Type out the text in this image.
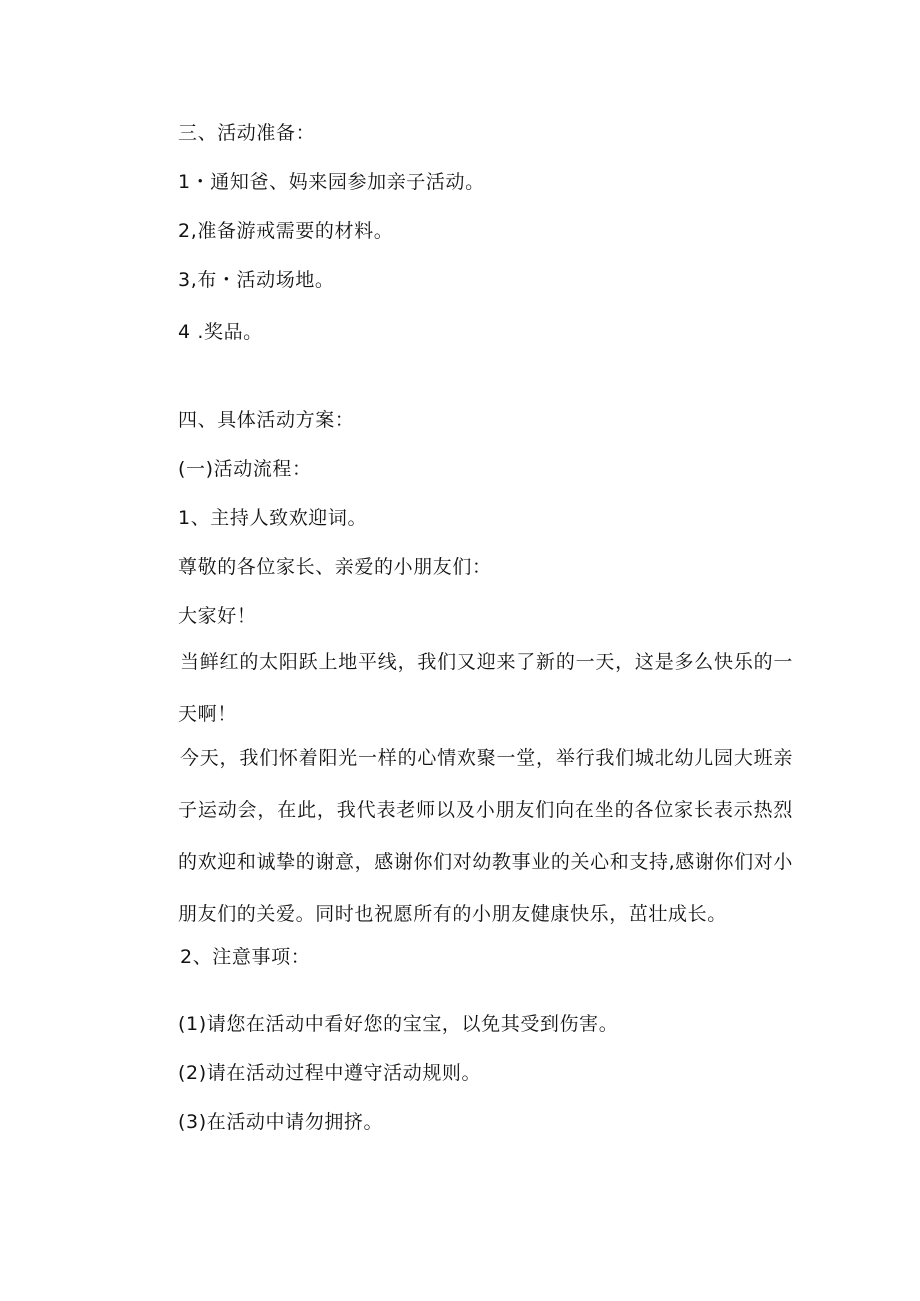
三、活动准备：
1・通知爸、妈来园参加亲子活动。
2,准备游戒需要的材料。
3,布・活动场地。
4 .奖品。
四、具体活动方案：
(一)活动流程：
1、主持人致欢迎词。
尊敬的各位家长、亲爱的小朋友们：
大家好！
当鲜红的太阳跃上地平线，我们又迎来了新的一天，这是多么快乐的一天啊！
今天，我们怀着阳光一样的心情欢聚一堂，举行我们城北幼儿园大班亲子运动会，在此，我代表老师以及小朋友们向在坐的各位家长表示热烈的欢迎和诚挚的谢意，感谢你们对幼教事业的关心和支持,感谢你们对小朋友们的关爱。同时也祝愿所有的小朋友健康快乐，茁壮成长。
2、注意事项：
(1)请您在活动中看好您的宝宝，以免其受到伤害。
(2)请在活动过程中遵守活动规则。
(3)在活动中请勿拥挤。
